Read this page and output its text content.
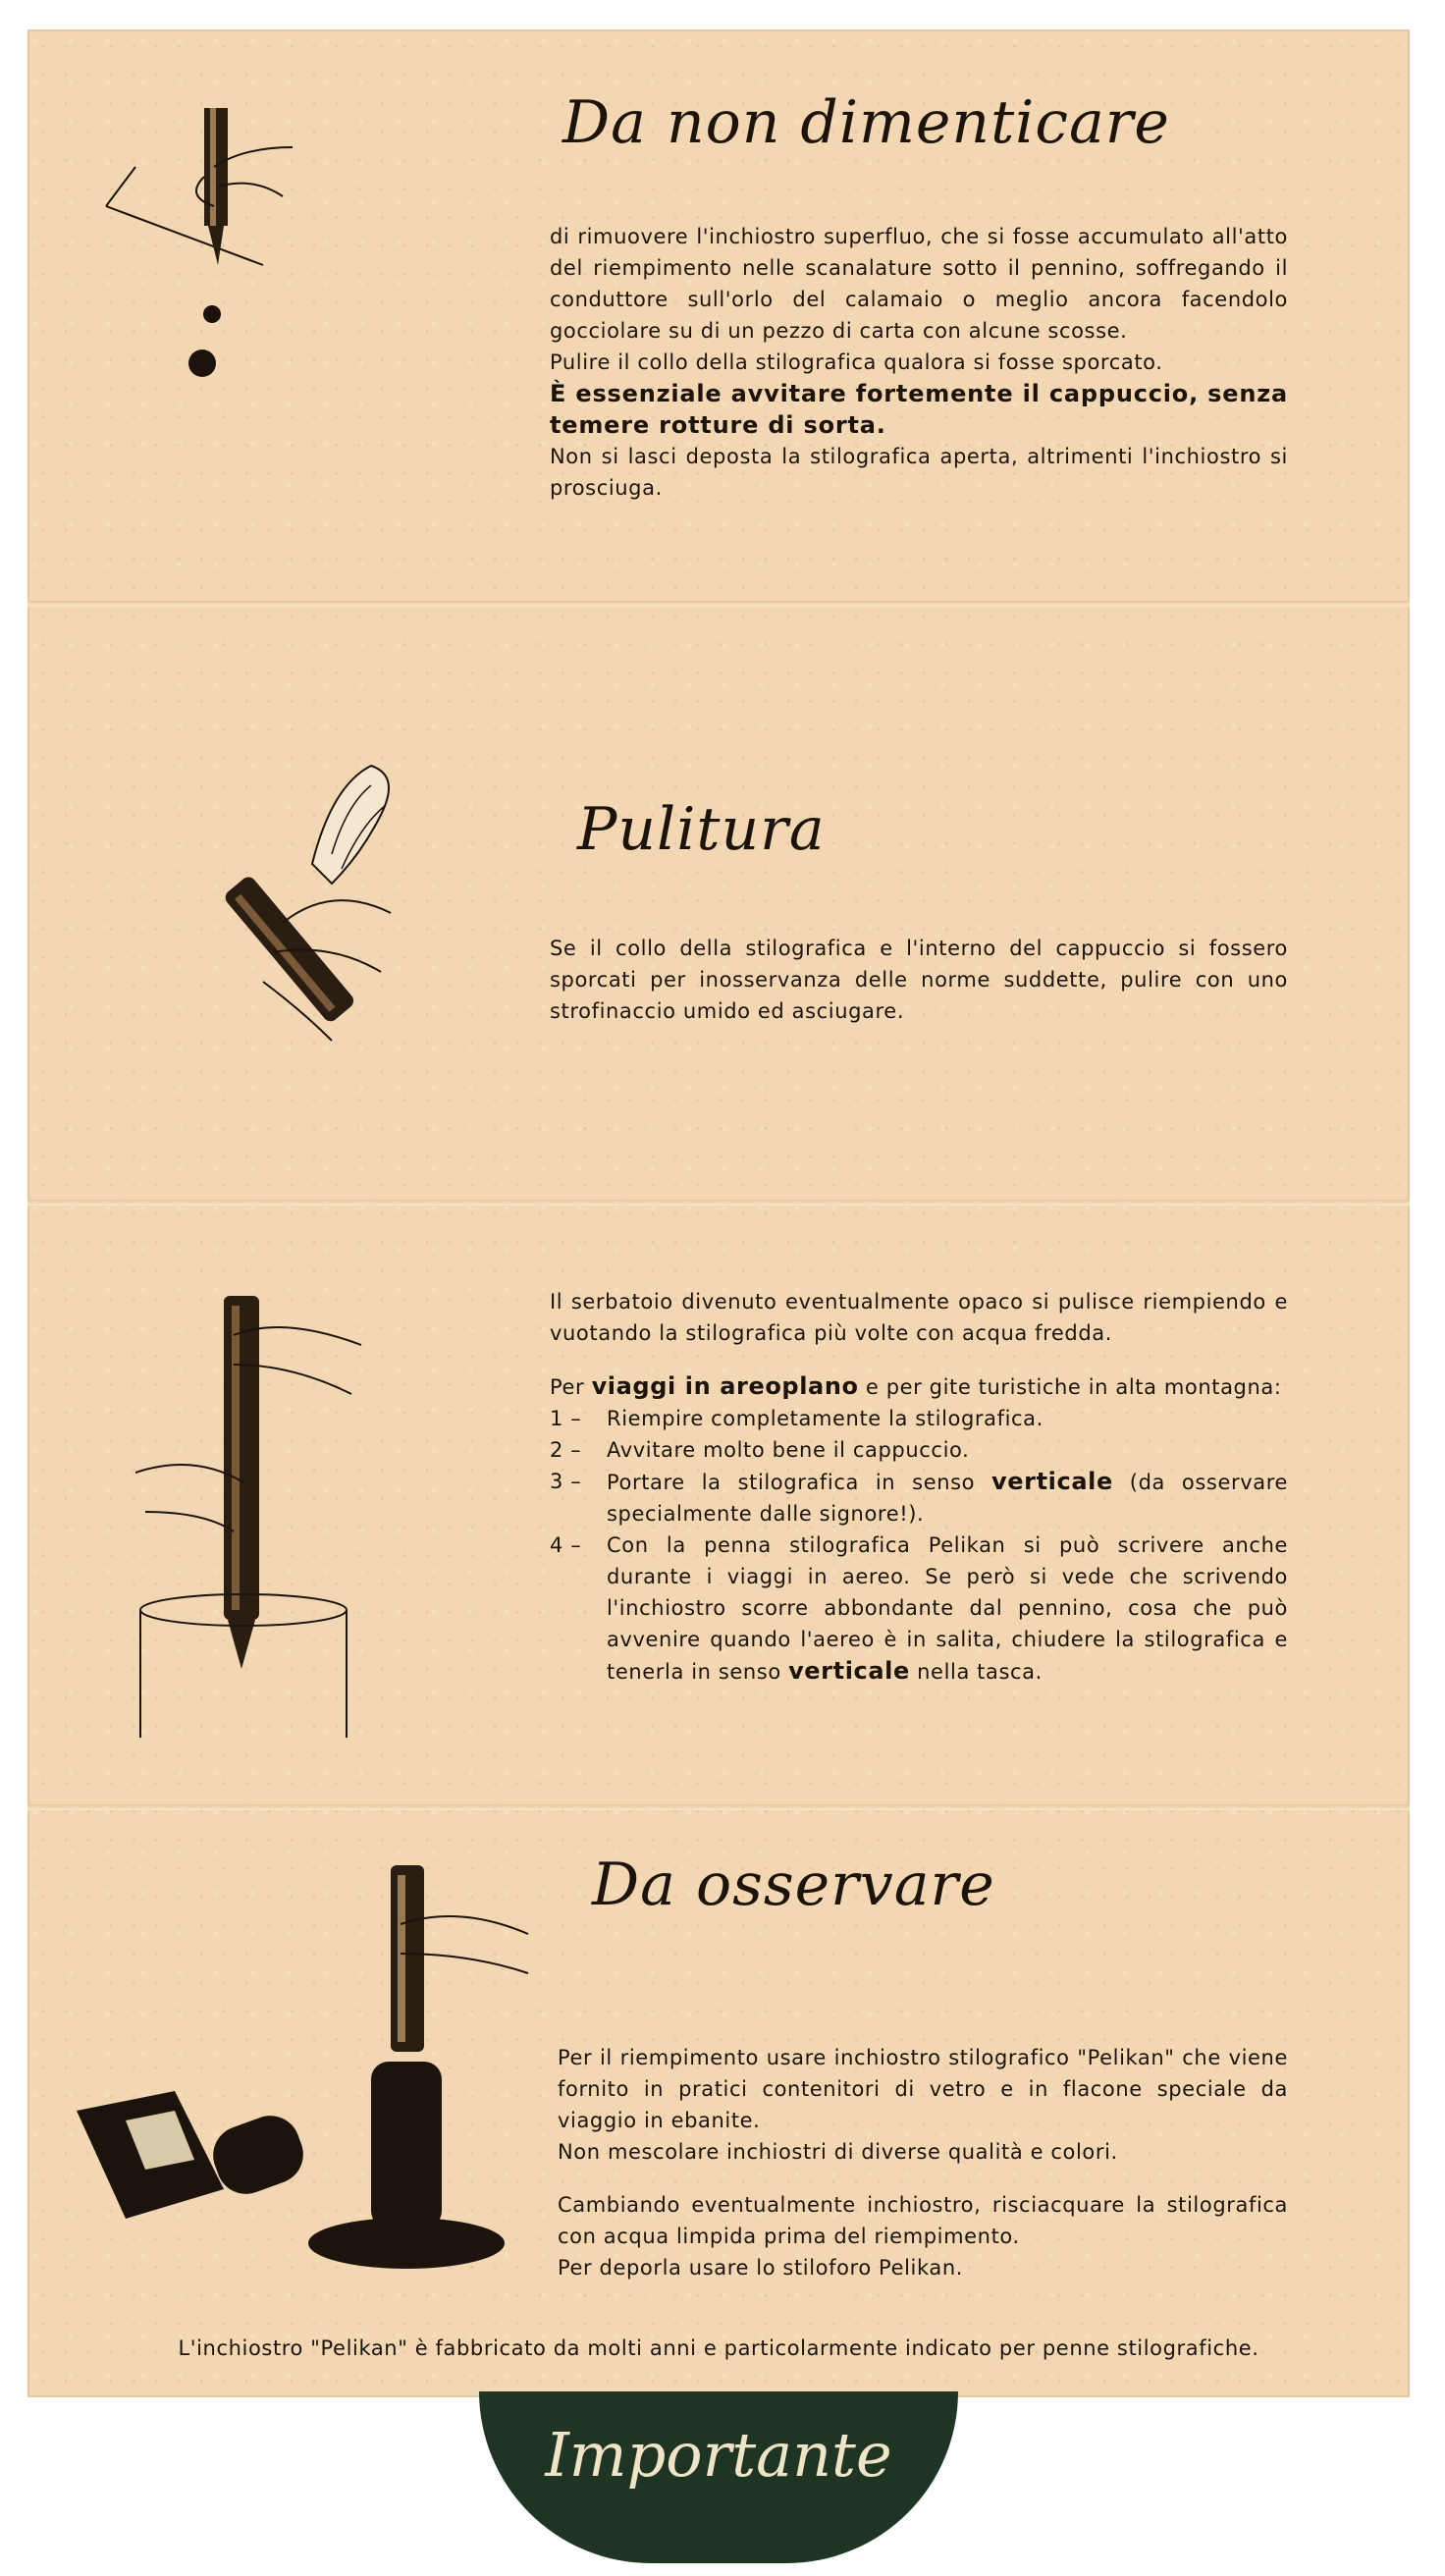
Da non dimenticare

di rimuovere l'inchiostro superfluo, che si fosse accumulato all'atto del riempimento nelle scanalature sotto il pennino, soffregando il conduttore sull'orlo del calamaio o meglio ancora facendolo gocciolare su di un pezzo di carta con alcune scosse.

Pulire il collo della stilografica qualora si fosse sporcato.

È essenziale avvitare fortemente il cappuccio, senza temere rotture di sorta.

Non si lasci deposta la stilografica aperta, altrimenti l'inchiostro si prosciuga.

Pulitura

Se il collo della stilografica e l'interno del cappuccio si fossero sporcati per inosservanza delle norme suddette, pulire con uno strofinaccio umido ed asciugare.

Il serbatoio divenuto eventualmente opaco si pulisce riempiendo e vuotando la stilografica più volte con acqua fredda.

Per viaggi in areoplano e per gite turistiche in alta montagna:

1 – Riempire completamente la stilografica.
2 – Avvitare molto bene il cappuccio.
3 – Portare la stilografica in senso verticale (da osservare specialmente dalle signore!).
4 – Con la penna stilografica Pelikan si può scrivere anche durante i viaggi in aereo. Se però si vede che scrivendo l'inchiostro scorre abbondante dal pennino, cosa che può avvenire quando l'aereo è in salita, chiudere la stilografica e tenerla in senso verticale nella tasca.
Da osservare

Per il riempimento usare inchiostro stilografico "Pelikan" che viene fornito in pratici contenitori di vetro e in flacone speciale da viaggio in ebanite.

Non mescolare inchiostri di diverse qualità e colori.

Cambiando eventualmente inchiostro, risciacquare la stilografica con acqua limpida prima del riempimento.

Per deporla usare lo stiloforo Pelikan.

L'inchiostro "Pelikan" è fabbricato da molti anni e particolarmente indicato per penne stilografiche.
Importante
